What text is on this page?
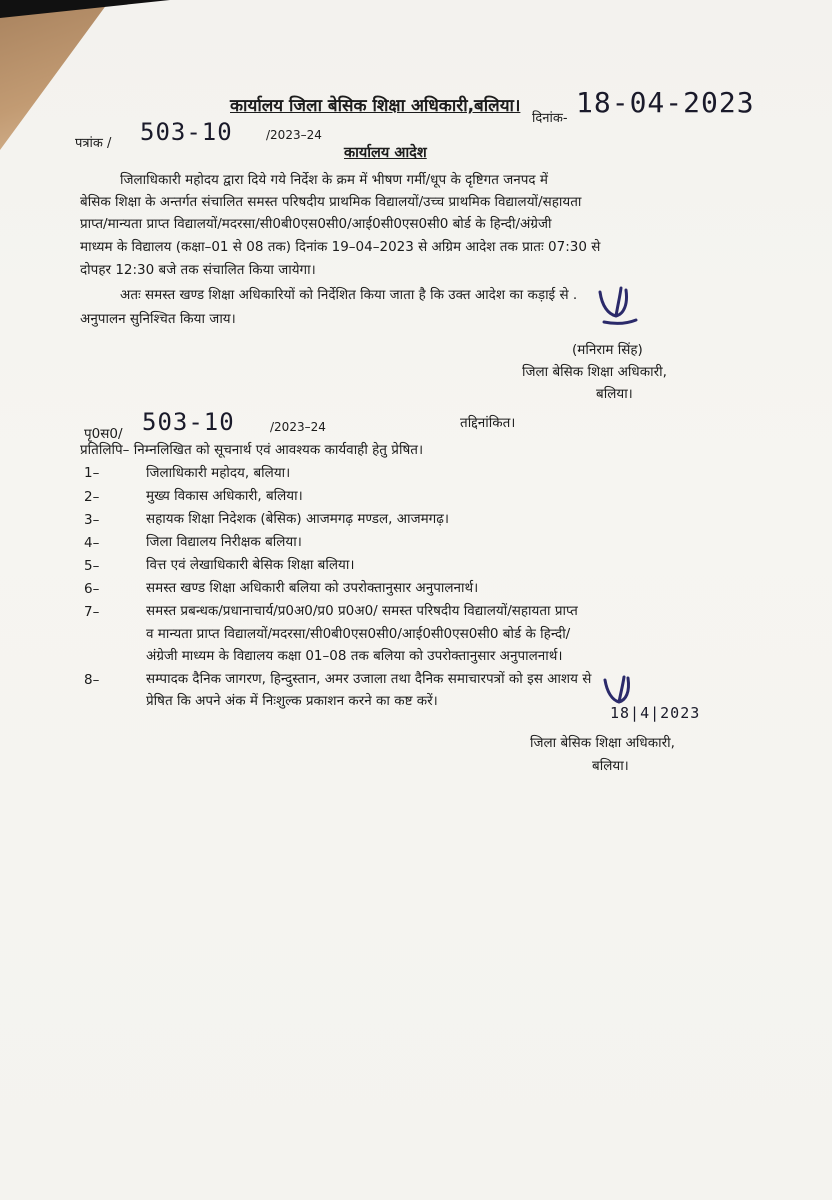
कार्यालय जिला बेसिक शिक्षा अधिकारी,बलिया।
दिनांक- 18-04-2023
पत्रांक / 503-10	/2023–24
कार्यालय आदेश
जिलाधिकारी महोदय द्वारा दिये गये निर्देश के क्रम में भीषण गर्मी/धूप के दृष्टिगत जनपद में
बेसिक शिक्षा के अन्तर्गत संचालित समस्त परिषदीय प्राथमिक विद्यालयों/उच्च प्राथमिक विद्यालयों/सहायता
प्राप्त/मान्यता प्राप्त विद्यालयों/मदरसा/सी0बी0एस0सी0/आई0सी0एस0सी0 बोर्ड के हिन्दी/अंग्रेजी
माध्यम के विद्यालय (कक्षा–01 से 08 तक) दिनांक 19–04–2023 से अग्रिम आदेश तक प्रातः 07:30 से
दोपहर 12:30 बजे तक संचालित किया जायेगा।
अतः समस्त खण्ड शिक्षा अधिकारियों को निर्देशित किया जाता है कि उक्त आदेश का कड़ाई से .
अनुपालन सुनिश्चित किया जाय।
(मनिराम सिंह)
जिला बेसिक शिक्षा अधिकारी,
बलिया।
पृ0स0/ 503-10	/2023–24	तद्दिनांकित।
प्रतिलिपि– निम्नलिखित को सूचनार्थ एवं आवश्यक कार्यवाही हेतु प्रेषित।
1–	जिलाधिकारी महोदय, बलिया।
2–	मुख्य विकास अधिकारी, बलिया।
3–	सहायक शिक्षा निदेशक (बेसिक) आजमगढ़ मण्डल, आजमगढ़।
4–	जिला विद्यालय निरीक्षक बलिया।
5–	वित्त एवं लेखाधिकारी बेसिक शिक्षा बलिया।
6–	समस्त खण्ड शिक्षा अधिकारी बलिया को उपरोक्तानुसार अनुपालनार्थ।
7–	समस्त प्रबन्धक/प्रधानाचार्य/प्र0अ0/प्र0 प्र0अ0/ समस्त परिषदीय विद्यालयों/सहायता प्राप्त
व मान्यता प्राप्त विद्यालयों/मदरसा/सी0बी0एस0सी0/आई0सी0एस0सी0 बोर्ड के हिन्दी/
अंग्रेजी माध्यम के विद्यालय कक्षा 01–08 तक बलिया को उपरोक्तानुसार अनुपालनार्थ।
8–	सम्पादक दैनिक जागरण, हिन्दुस्तान, अमर उजाला तथा दैनिक समाचारपत्रों को इस आशय से
प्रेषित कि अपने अंक में निःशुल्क प्रकाशन करने का कष्ट करें।
18|4|2023
जिला बेसिक शिक्षा अधिकारी,
बलिया।
